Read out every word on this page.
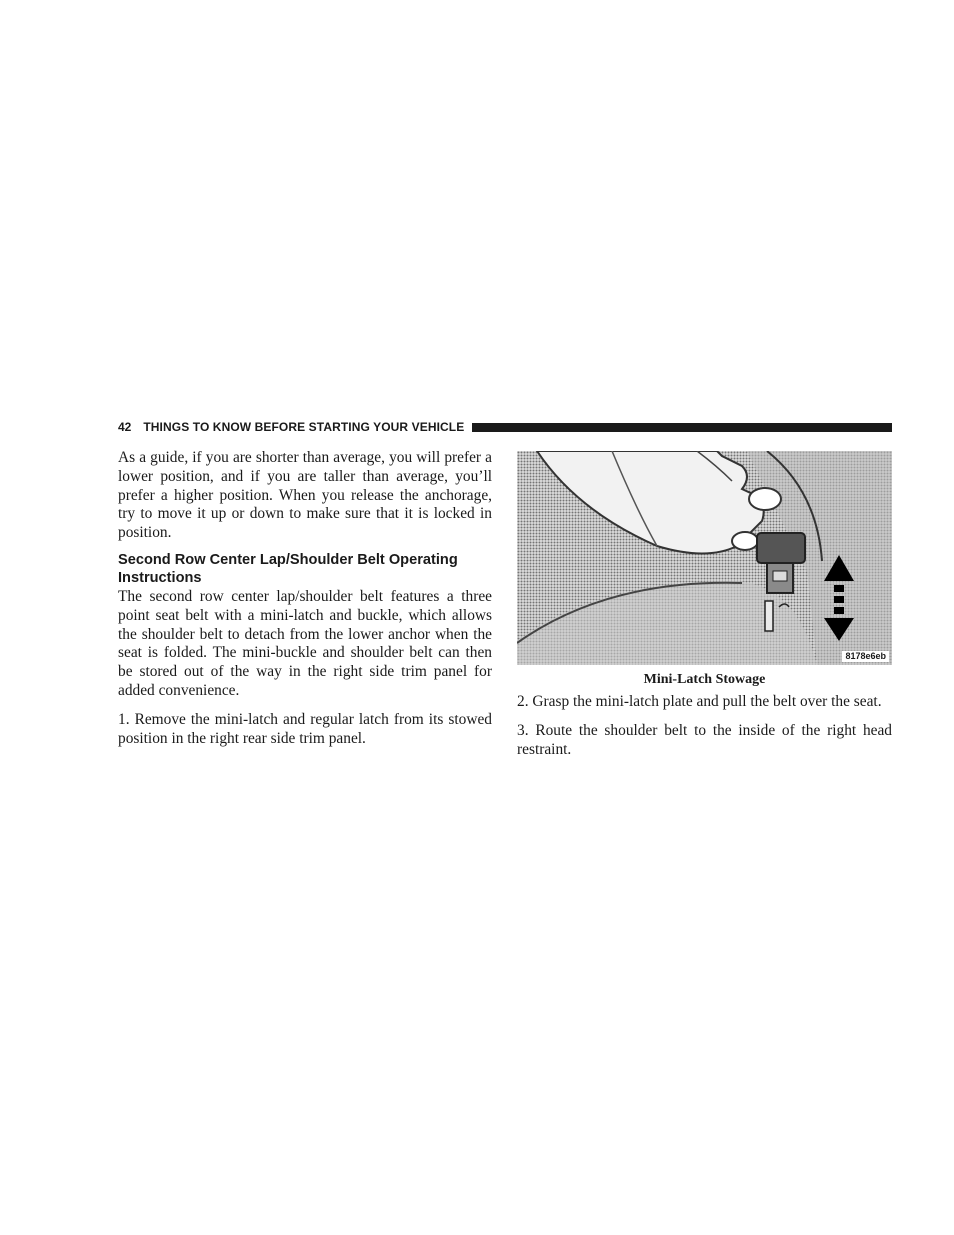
42 THINGS TO KNOW BEFORE STARTING YOUR VEHICLE

As a guide, if you are shorter than average, you will prefer a lower position, and if you are taller than average, you’ll prefer a higher position. When you release the anchorage, try to move it up or down to make sure that it is locked in position.

Second Row Center Lap/Shoulder Belt Operating Instructions

The second row center lap/shoulder belt features a three point seat belt with a mini-latch and buckle, which allows the shoulder belt to detach from the lower anchor when the seat is folded. The mini-buckle and shoulder belt can then be stored out of the way in the right side trim panel for added convenience.

1. Remove the mini-latch and regular latch from its stowed position in the right rear side trim panel.

8178e6eb
Mini-Latch Stowage

2. Grasp the mini-latch plate and pull the belt over the seat.

3. Route the shoulder belt to the inside of the right head restraint.
